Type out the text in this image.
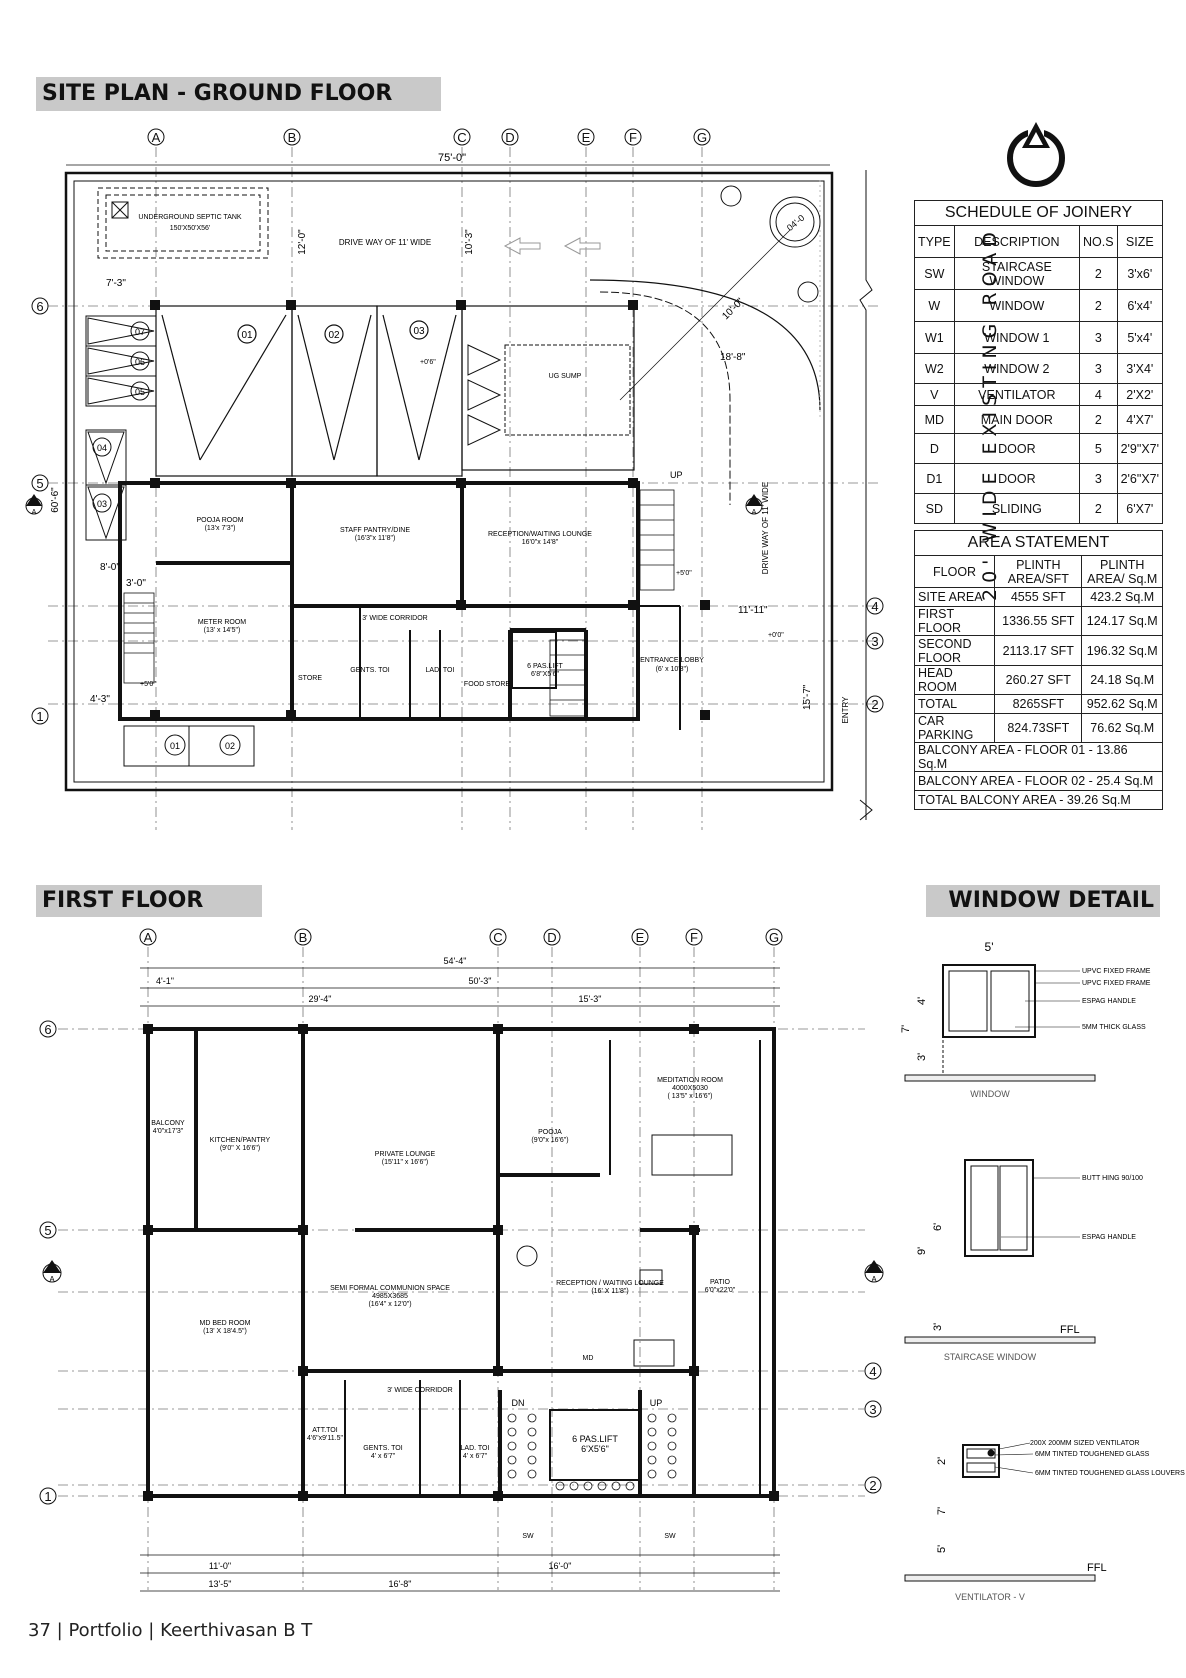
SITE PLAN - GROUND FLOOR
FIRST FLOOR	WINDOW DETAIL
A	B	C	D	E	F	G
6
5
4
3
2
1
75'-0"
60'-6"
UNDERGROUND SEPTIC TANK
150'X50'X56'
DRIVE WAY OF 11' WIDE
12'-0"	10'-3"
04'-0
10'-0"
18'-8"
01	02	03
07
06
05
04
03
01	02
UG SUMP
+0'6"
POOJA ROOM
(13'x 7'3")	STAFF PANTRY/DINE
(16'3"x 11'8")
RECEPTION/WAITING LOUNGE
16'0"x 14'8"
METER ROOM
(13' x 14'5")
3' WIDE CORRIDOR
STORE
GENTS. TOI	LAD. TOI
FOOD STORE
6 PAS.LIFT
6'8"X5'6"
ENTRANCE LOBBY
(6' x 10'8")
UP
+5'0"
+0'0"
+5'0"
DRIVE WAY OF 11' WIDE
11'-11"
15'-7"
7'-3"
8'-0"
3'-0"
4'-3"	ENTRY
A	A	20' WIDE EXISTING ROAD
SCHEDULE OF JOINERY			
TYPE	DESCRIPTION	NO.S	SIZE
SW	STAIRCASE WINDOW	2	3'x6'
W	WINDOW	2	6'x4'
W1	WINDOW 1	3	5'x4'
W2	WINDOW 2	3	3'X4'
V	VENTILATOR	4	2'X2'
MD	MAIN DOOR	2	4'X7'
D	DOOR	5	2'9"X7'
D1	DOOR	3	2'6"X7'
SD	SLIDING	2	6'X7'
AREA STATEMENT		
FLOOR	PLINTH AREA/SFT	PLINTH AREA/ Sq.M
SITE AREA	4555 SFT	423.2 Sq.M
FIRST FLOOR	1336.55 SFT	124.17 Sq.M
SECOND FLOOR	2113.17 SFT	196.32 Sq.M
HEAD ROOM	260.27 SFT	24.18 Sq.M
TOTAL	8265SFT	952.62 Sq.M
CAR PARKING	824.73SFT	76.62 Sq.M
BALCONY AREA - FLOOR 01 - 13.86 Sq.M		
BALCONY AREA - FLOOR 02 - 25.4 Sq.M		
TOTAL BALCONY AREA - 39.26 Sq.M		
A	B	C	D	E	F	G
6
5
4
3
2
1
54'-4"
50'-3"
4'-1"
29'-4"	15'-3"
11'-0"	16'-0"
13'-5"	16'-8"
BALCONY
4'0"x17'3"
KITCHEN/PANTRY
(9'0" X 16'6")
PRIVATE LOUNGE
(15'11" x 16'6")
POOJA
(9'0"x 16'6")
MEDITATION ROOM
4000X5030
( 13'5" x 16'6")
MD BED ROOM
(13' X 18'4.5")
SEMI FORMAL COMMUNION SPACE
4985X3685
(16'4" x 12'0")
RECEPTION / WAITING LOUNGE
(16' X 11'8")
PATIO
6'0"x22'0"
3' WIDE CORRIDOR
ATT.TOI
4'6"x9'11.5"
GENTS. TOI
4' x 6'7"
LAD. TOI
4' x 6'7"
6 PAS.LIFT
6'X5'6"
MD
DN	UP
SW	SW
A	A
5'
4'
7'
3'
UPVC FIXED FRAME
UPVC FIXED FRAME
ESPAG HANDLE
5MM THICK GLASS
WINDOW
6'
9'
3'
BUTT HING 90/100
ESPAG HANDLE
FFL
STAIRCASE WINDOW
2'
7'
5'
200X 200MM SIZED VENTILATOR
6MM TINTED TOUGHENED GLASS
6MM TINTED TOUGHENED GLASS LOUVERS
FFL
VENTILATOR - V
37 | Portfolio | Keerthivasan B T
